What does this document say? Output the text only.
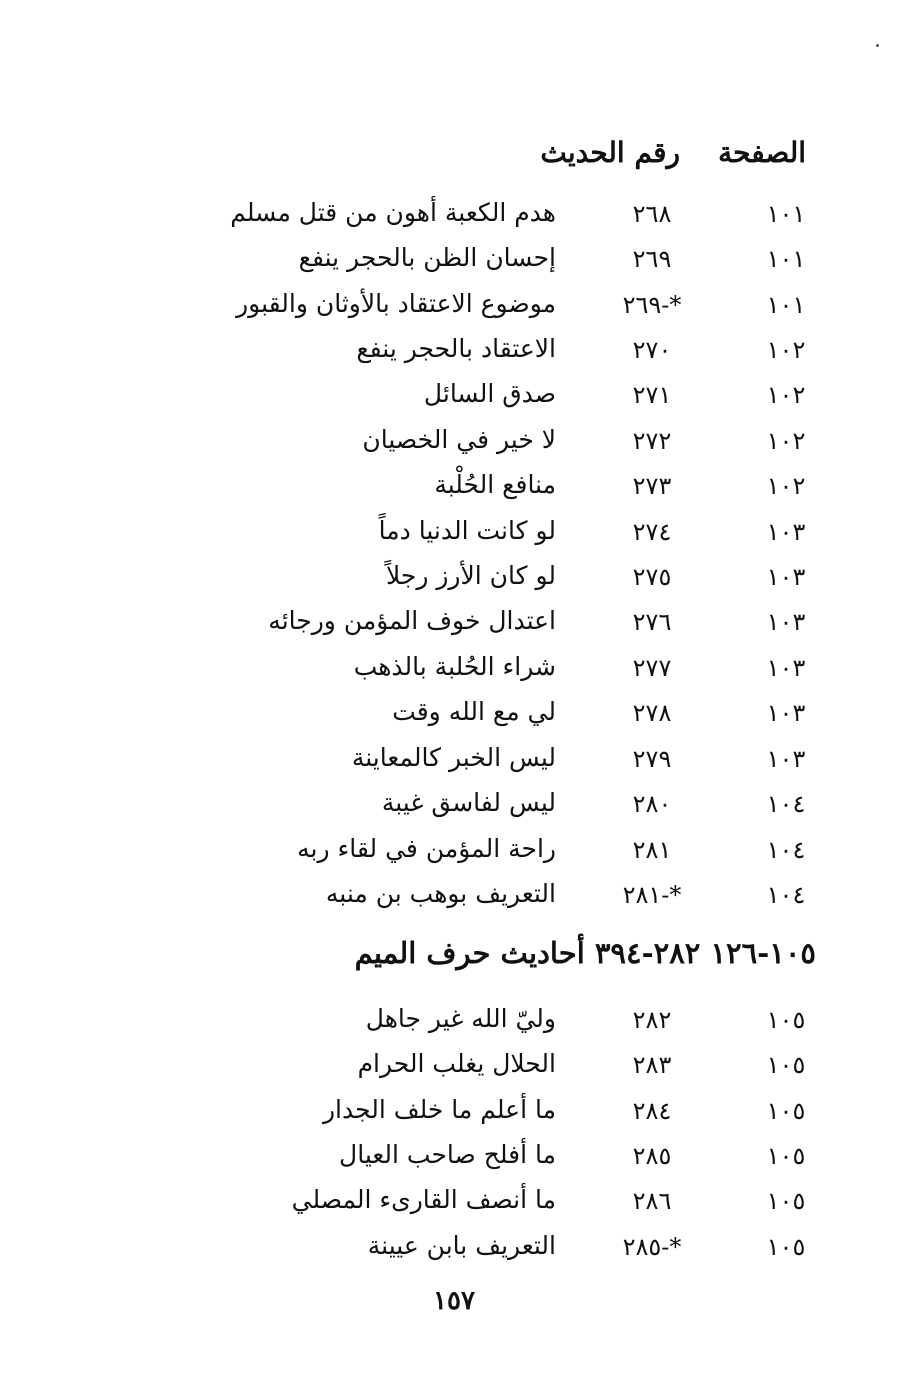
الصفحة
رقم الحديث
١٠١
٢٦٨
هدم الكعبة أهون من قتل مسلم
١٠١
٢٦٩
إحسان الظن بالحجر ينفع
١٠١
٢٦٩-*
موضوع الاعتقاد بالأوثان والقبور
١٠٢
٢٧٠
الاعتقاد بالحجر ينفع
١٠٢
٢٧١
صدق السائل
١٠٢
٢٧٢
لا خير في الخصيان
١٠٢
٢٧٣
منافع الحُلْبة
١٠٣
٢٧٤
لو كانت الدنيا دماً
١٠٣
٢٧٥
لو كان الأرز رجلاً
١٠٣
٢٧٦
اعتدال خوف المؤمن ورجائه
١٠٣
٢٧٧
شراء الحُلبة بالذهب
١٠٣
٢٧٨
لي مع الله وقت
١٠٣
٢٧٩
ليس الخبر كالمعاينة
١٠٤
٢٨٠
ليس لفاسق غيبة
١٠٤
٢٨١
راحة المؤمن في لقاء ربه
١٠٤
٢٨١-*
التعريف بوهب بن منبه
١٠٥-١٢٦ ٢٨٢-٣٩٤ أحاديث حرف الميم
١٠٥
٢٨٢
وليّ الله غير جاهل
١٠٥
٢٨٣
الحلال يغلب الحرام
١٠٥
٢٨٤
ما أعلم ما خلف الجدار
١٠٥
٢٨٥
ما أفلح صاحب العيال
١٠٥
٢٨٦
ما أنصف القارىء المصلي
١٠٥
٢٨٥-*
التعريف بابن عيينة
١٥٧
